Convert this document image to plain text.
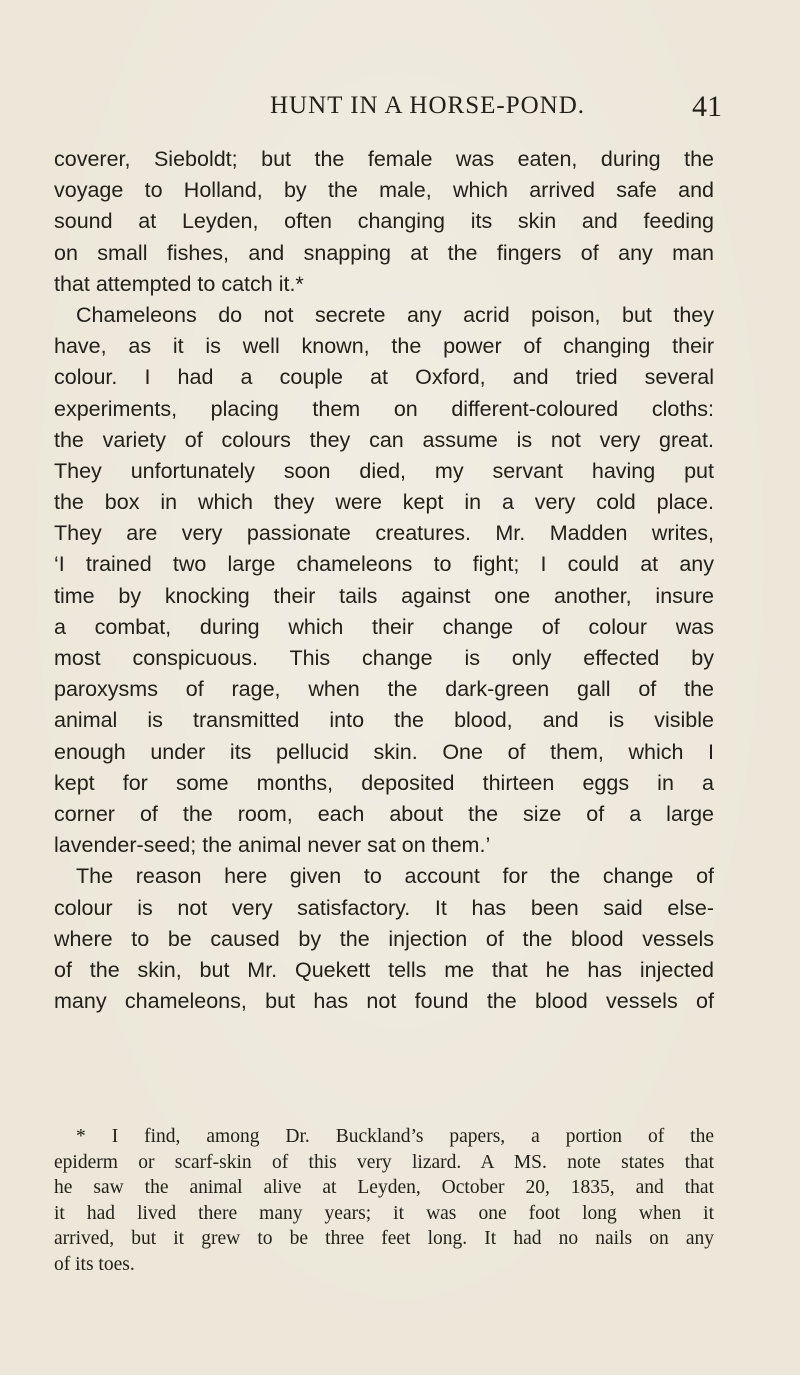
HUNT IN A HORSE-POND.	41
coverer, Sieboldt; but the female was eaten, during the
voyage to Holland, by the male, which arrived safe and
sound at Leyden, often changing its skin and feeding
on small fishes, and snapping at the fingers of any man
that attempted to catch it.*
Chameleons do not secrete any acrid poison, but they
have, as it is well known, the power of changing their
colour. I had a couple at Oxford, and tried several
experiments, placing them on different-coloured cloths:
the variety of colours they can assume is not very great.
They unfortunately soon died, my servant having put
the box in which they were kept in a very cold place.
They are very passionate creatures. Mr. Madden writes,
‘I trained two large chameleons to fight; I could at any
time by knocking their tails against one another, insure
a combat, during which their change of colour was
most conspicuous. This change is only effected by
paroxysms of rage, when the dark-green gall of the
animal is transmitted into the blood, and is visible
enough under its pellucid skin. One of them, which I
kept for some months, deposited thirteen eggs in a
corner of the room, each about the size of a large
lavender-seed; the animal never sat on them.’
The reason here given to account for the change of
colour is not very satisfactory. It has been said else-
where to be caused by the injection of the blood vessels
of the skin, but Mr. Quekett tells me that he has injected
many chameleons, but has not found the blood vessels of
* I find, among Dr. Buckland’s papers, a portion of the
epiderm or scarf-skin of this very lizard. A MS. note states that
he saw the animal alive at Leyden, October 20, 1835, and that
it had lived there many years; it was one foot long when it
arrived, but it grew to be three feet long. It had no nails on any
of its toes.
